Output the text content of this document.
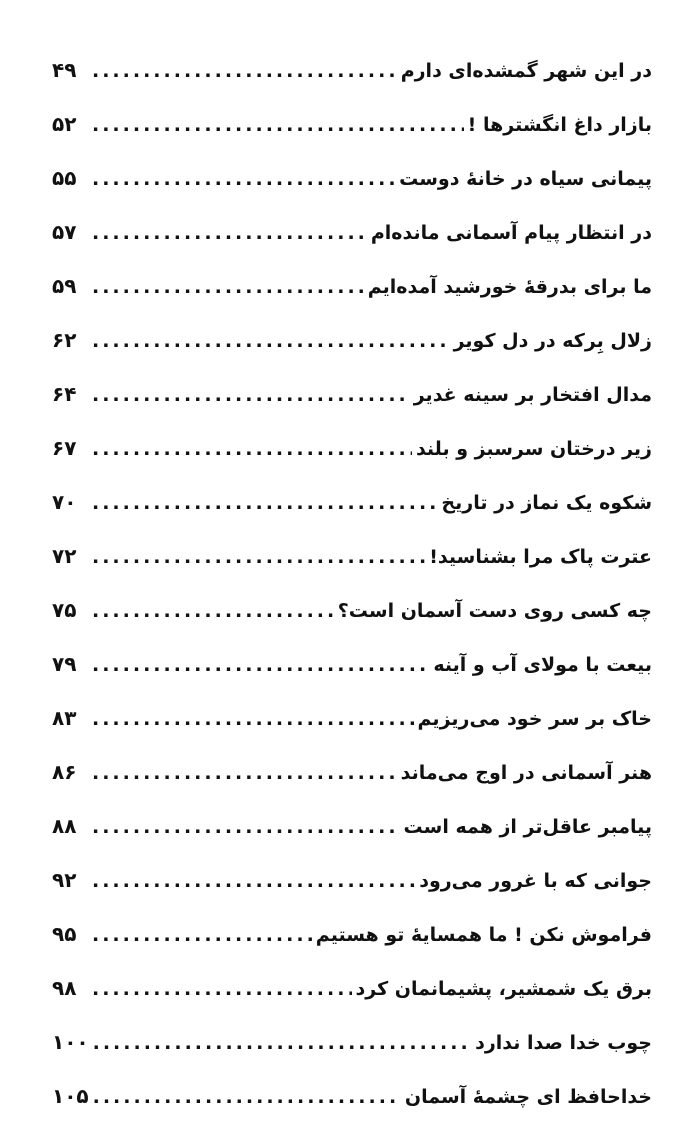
در این شهر گمشده‌ای دارم
.....
۴۹
بازار داغ انگشترها !
.....
۵۲
پیمانی سیاه در خانهٔ دوست
.....
۵۵
در انتظار پیام آسمانی مانده‌ام
.....
۵۷
ما برای بدرقهٔ خورشید آمده‌ایم
.....
۵۹
زلال بِرکه در دل کویر
.....
۶۲
مدال افتخار بر سینه غدیر
.....
۶۴
زیر درختان سرسبز و بلند
.....
۶۷
شکوه یک نماز در تاریخ
.....
۷۰
عترت پاک مرا بشناسید!
.....
۷۲
چه کسی روی دست آسمان است؟
.....
۷۵
بیعت با مولای آب و آینه
.....
۷۹
خاک بر سر خود می‌ریزیم
.....
۸۳
هنر آسمانی در اوج می‌ماند
.....
۸۶
پیامبر عاقل‌تر از همه است
.....
۸۸
جوانی که با غرور می‌رود
.....
۹۲
فراموش نکن ! ما همسایهٔ تو هستیم
.....
۹۵
برق یک شمشیر، پشیمانمان کرد
.....
۹۸
چوب خدا صدا ندارد
.....
۱۰۰
خداحافظ ای چشمهٔ آسمان
.....
۱۰۵
